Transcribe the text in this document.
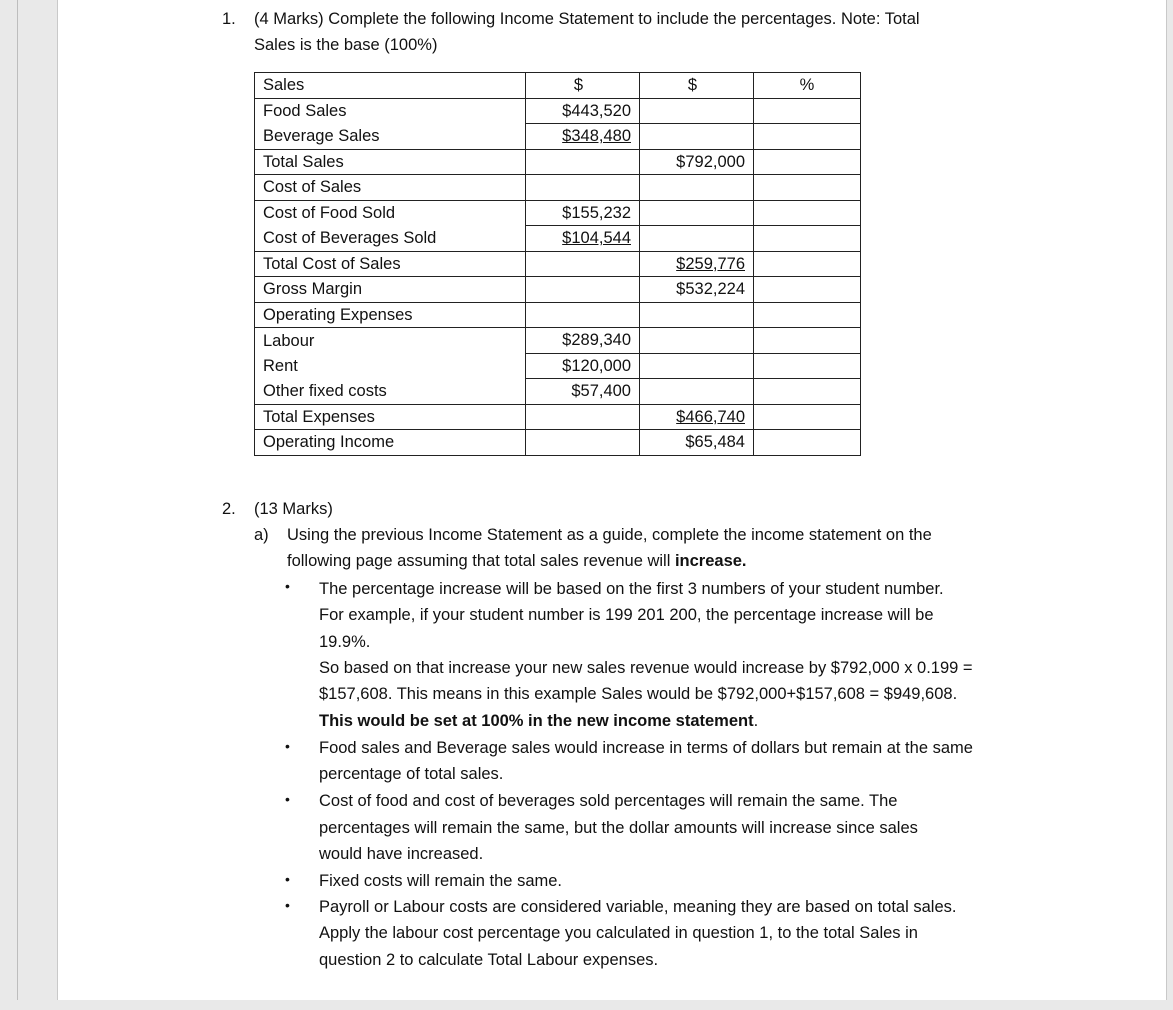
1. (4 Marks) Complete the following Income Statement to include the percentages. Note: Total
Sales is the base (100%)
Sales	$	$	%
Food Sales	$443,520		
Beverage Sales	$348,480		
Total Sales		$792,000	
Cost of Sales			
Cost of Food Sold	$155,232		
Cost of Beverages Sold	$104,544		
Total Cost of Sales		$259,776	
Gross Margin		$532,224	
Operating Expenses			
Labour	$289,340		
Rent	$120,000		
Other fixed costs	$57,400		
Total Expenses		$466,740	
Operating Income		$65,484	
2. (13 Marks)
a) Using the previous Income Statement as a guide, complete the income statement on the
following page assuming that total sales revenue will increase.
• The percentage increase will be based on the first 3 numbers of your student number.
For example, if your student number is 199 201 200, the percentage increase will be
19.9%.
So based on that increase your new sales revenue would increase by $792,000 x 0.199 =
$157,608. This means in this example Sales would be $792,000+$157,608 = $949,608.
This would be set at 100% in the new income statement.
• Food sales and Beverage sales would increase in terms of dollars but remain at the same
percentage of total sales.
• Cost of food and cost of beverages sold percentages will remain the same. The
percentages will remain the same, but the dollar amounts will increase since sales
would have increased.
• Fixed costs will remain the same.
• Payroll or Labour costs are considered variable, meaning they are based on total sales.
Apply the labour cost percentage you calculated in question 1, to the total Sales in
question 2 to calculate Total Labour expenses.
